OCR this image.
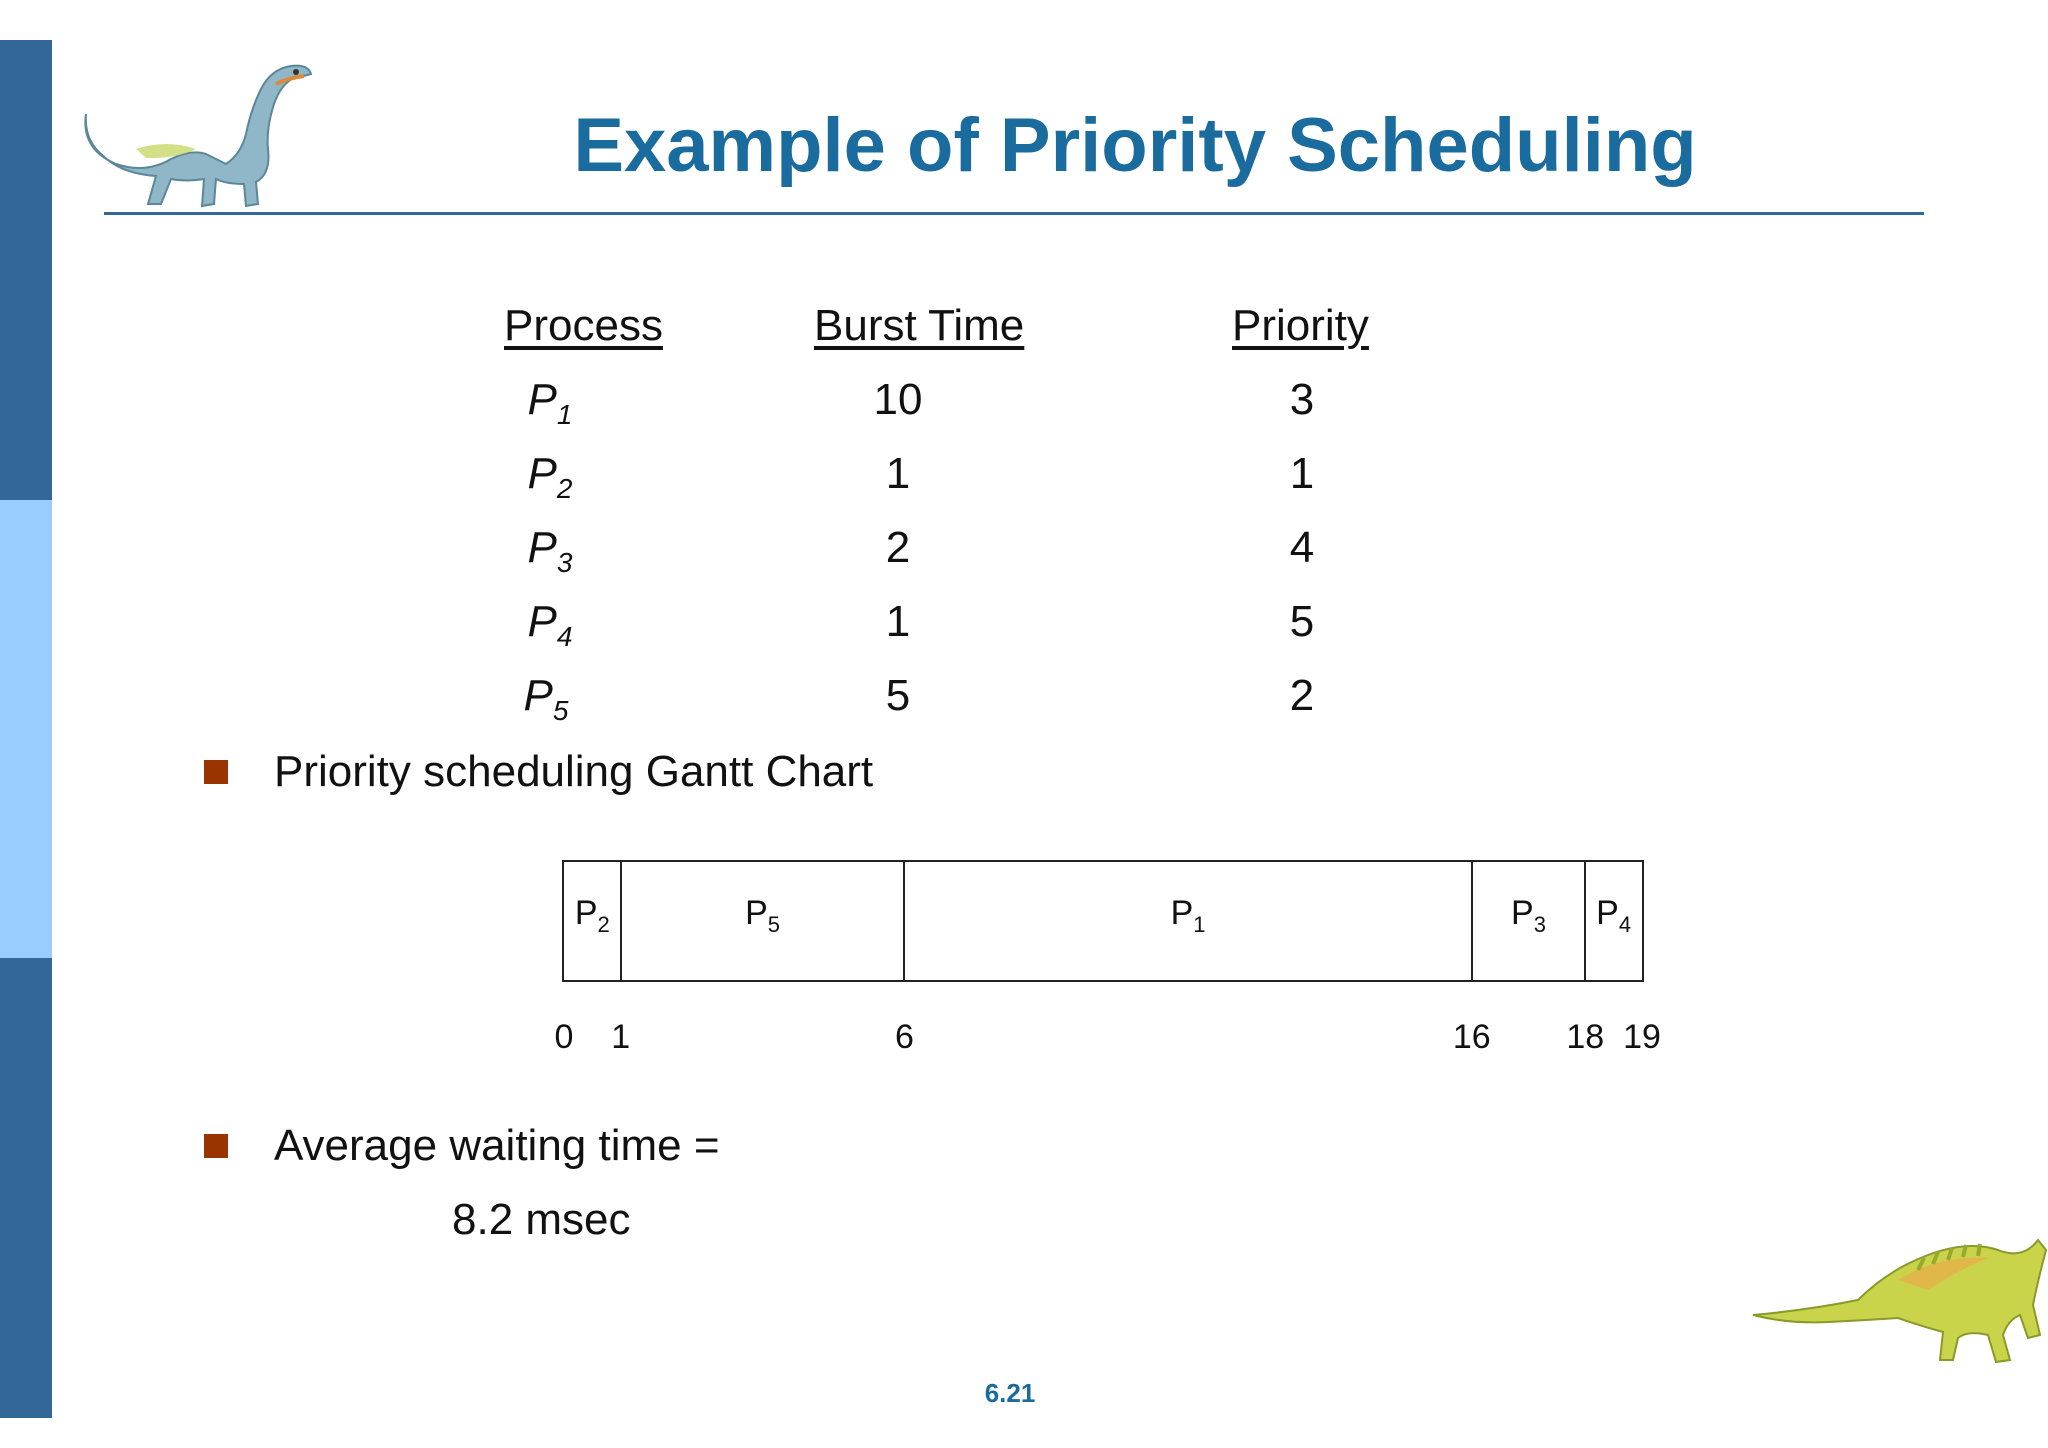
Example of Priority Scheduling
Process	Burst Time	Priority
$P_1$	10	3
$P_2$	1	1
$P_3$	2	4
$P_4$	1	5
$P_5$	5	2
Priority scheduling Gantt Chart
$P_2$	$P_5$	$P_1$	$P_3$ $P_4$
0 1	6	16 18 19
Average waiting time =
8.2 msec
6.21
